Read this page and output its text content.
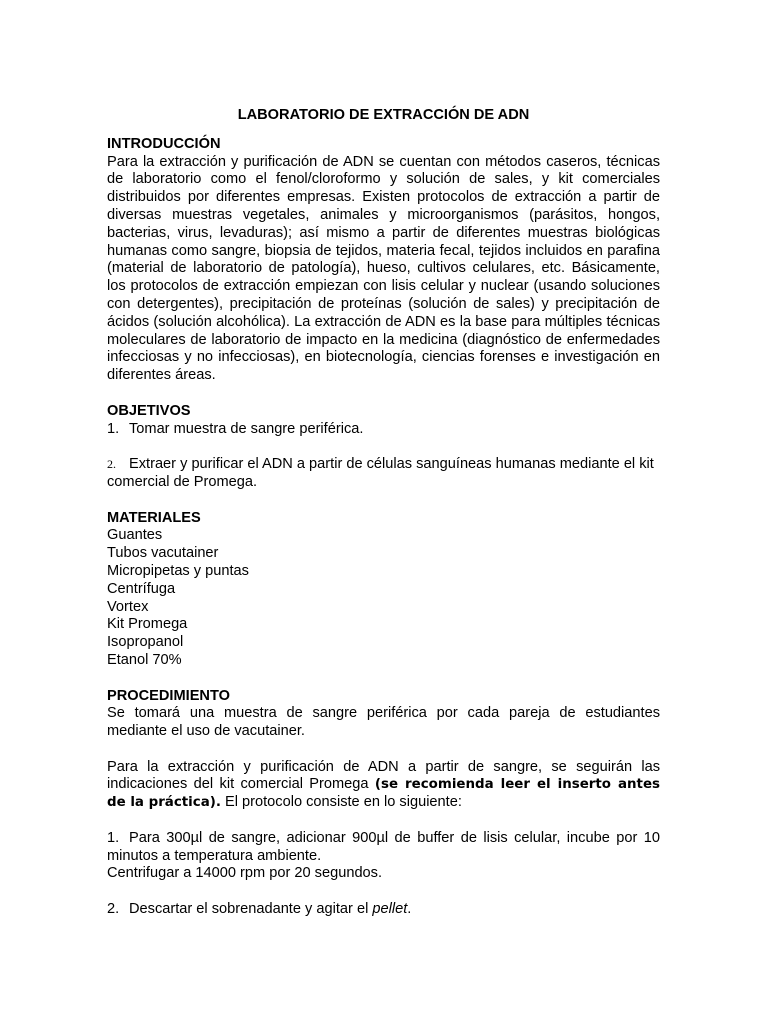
LABORATORIO DE EXTRACCIÓN DE ADN

INTRODUCCIÓN

Para la extracción y purificación de ADN se cuentan con métodos caseros, técnicas de laboratorio como el fenol/cloroformo y solución de sales, y kit comerciales distribuidos por diferentes empresas. Existen protocolos de extracción a partir de diversas muestras vegetales, animales y microorganismos (parásitos, hongos, bacterias, virus, levaduras); así mismo a partir de diferentes muestras biológicas humanas como sangre, biopsia de tejidos, materia fecal, tejidos incluidos en parafina (material de laboratorio de patología), hueso, cultivos celulares, etc. Básicamente, los protocolos de extracción empiezan con lisis celular y nuclear (usando soluciones con detergentes), precipitación de proteínas (solución de sales) y precipitación de ácidos (solución alcohólica). La extracción de ADN es la base para múltiples técnicas moleculares de laboratorio de impacto en la medicina (diagnóstico de enfermedades infecciosas y no infecciosas), en biotecnología, ciencias forenses e investigación en diferentes áreas.

OBJETIVOS

1. Tomar muestra de sangre periférica.

2. Extraer y purificar el ADN a partir de células sanguíneas humanas mediante el kit comercial de Promega.

MATERIALES

Guantes
Tubos vacutainer
Micropipetas y puntas
Centrífuga
Vortex
Kit Promega
Isopropanol
Etanol 70%

PROCEDIMIENTO

Se tomará una muestra de sangre periférica por cada pareja de estudiantes mediante el uso de vacutainer.

Para la extracción y purificación de ADN a partir de sangre, se seguirán las indicaciones del kit comercial Promega (se recomienda leer el inserto antes de la práctica). El protocolo consiste en lo siguiente:

1. Para 300µl de sangre, adicionar 900µl de buffer de lisis celular, incube por 10 minutos a temperatura ambiente.

Centrifugar a 14000 rpm por 20 segundos.

2. Descartar el sobrenadante y agitar el pellet.
